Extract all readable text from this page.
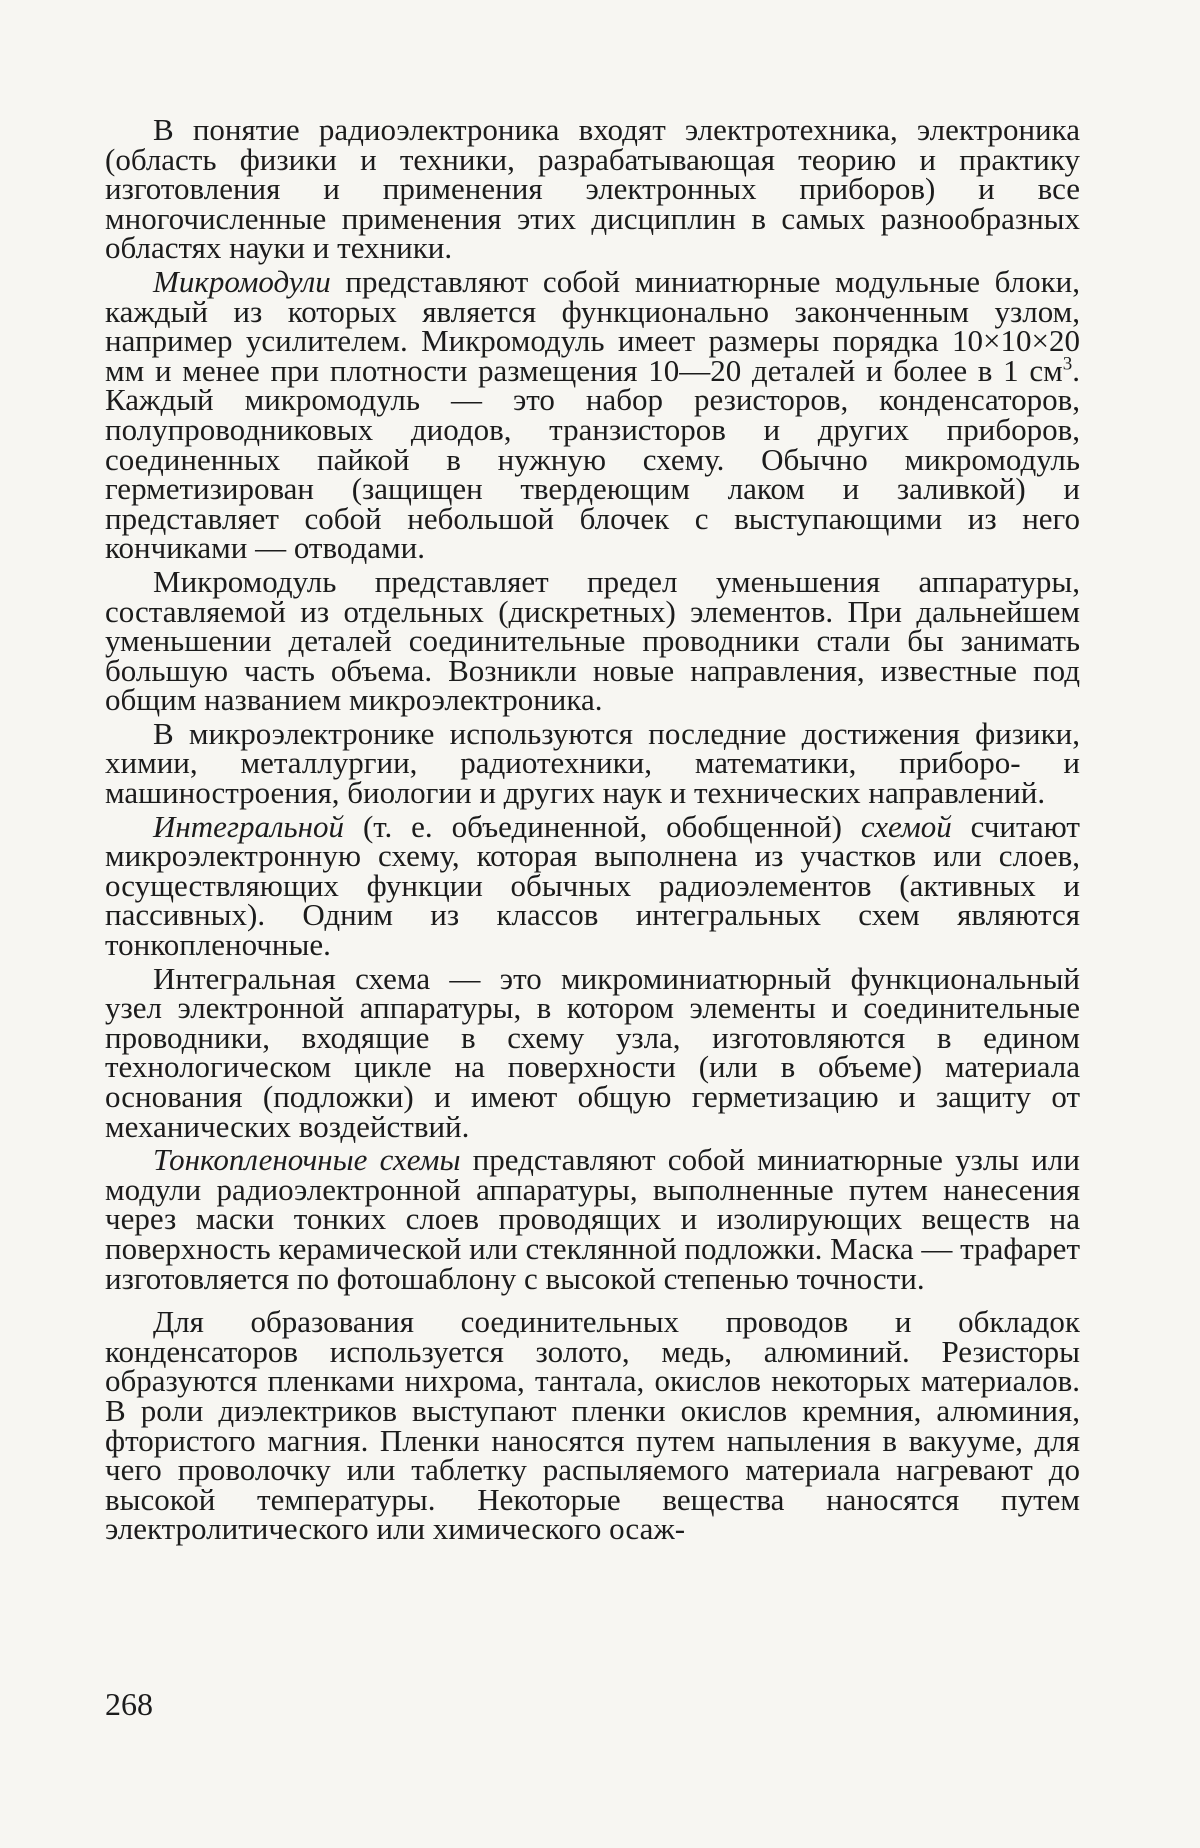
В понятие радиоэлектроника входят электротехника, электроника (область физики и техники, разрабатывающая теорию и практику изготовления и применения электронных приборов) и все многочисленные применения этих дисциплин в самых разнообразных областях науки и техники.

Микромодули представляют собой миниатюрные модульные блоки, каждый из которых является функционально законченным узлом, например усилителем. Микромодуль имеет размеры порядка 10×10×20 мм и менее при плотности размещения 10—20 деталей и более в 1 $см^3$. Каждый микромодуль — это набор резисторов, конденсаторов, полупроводниковых диодов, транзисторов и других приборов, соединенных пайкой в нужную схему. Обычно микромодуль герметизирован (защищен твердеющим лаком и заливкой) и представляет собой небольшой блочек с выступающими из него кончиками — отводами.

Микромодуль представляет предел уменьшения аппаратуры, составляемой из отдельных (дискретных) элементов. При дальнейшем уменьшении деталей соединительные проводники стали бы занимать большую часть объема. Возникли новые направления, известные под общим названием микроэлектроника.

В микроэлектронике используются последние достижения физики, химии, металлургии, радиотехники, математики, приборо- и машиностроения, биологии и других наук и технических направлений.

Интегральной (т. е. объединенной, обобщенной) схемой считают микроэлектронную схему, которая выполнена из участков или слоев, осуществляющих функции обычных радиоэлементов (активных и пассивных). Одним из классов интегральных схем являются тонкопленочные.

Интегральная схема — это микроминиатюрный функциональный узел электронной аппаратуры, в котором элементы и соединительные проводники, входящие в схему узла, изготовляются в едином технологическом цикле на поверхности (или в объеме) материала основания (подложки) и имеют общую герметизацию и защиту от механических воздействий.

Тонкопленочные схемы представляют собой миниатюрные узлы или модули радиоэлектронной аппаратуры, выполненные путем нанесения через маски тонких слоев проводящих и изолирующих веществ на поверхность керамической или стеклянной подложки. Маска — трафарет изготовляется по фотошаблону с высокой степенью точности.

Для образования соединительных проводов и обкладок конденсаторов используется золото, медь, алюминий. Резисторы образуются пленками нихрома, тантала, окислов некоторых материалов. В роли диэлектриков выступают пленки окислов кремния, алюминия, фтористого магния. Пленки наносятся путем напыления в вакууме, для чего проволочку или таблетку распыляемого материала нагревают до высокой температуры. Некоторые вещества наносятся путем электролитического или химического осаж-

268
